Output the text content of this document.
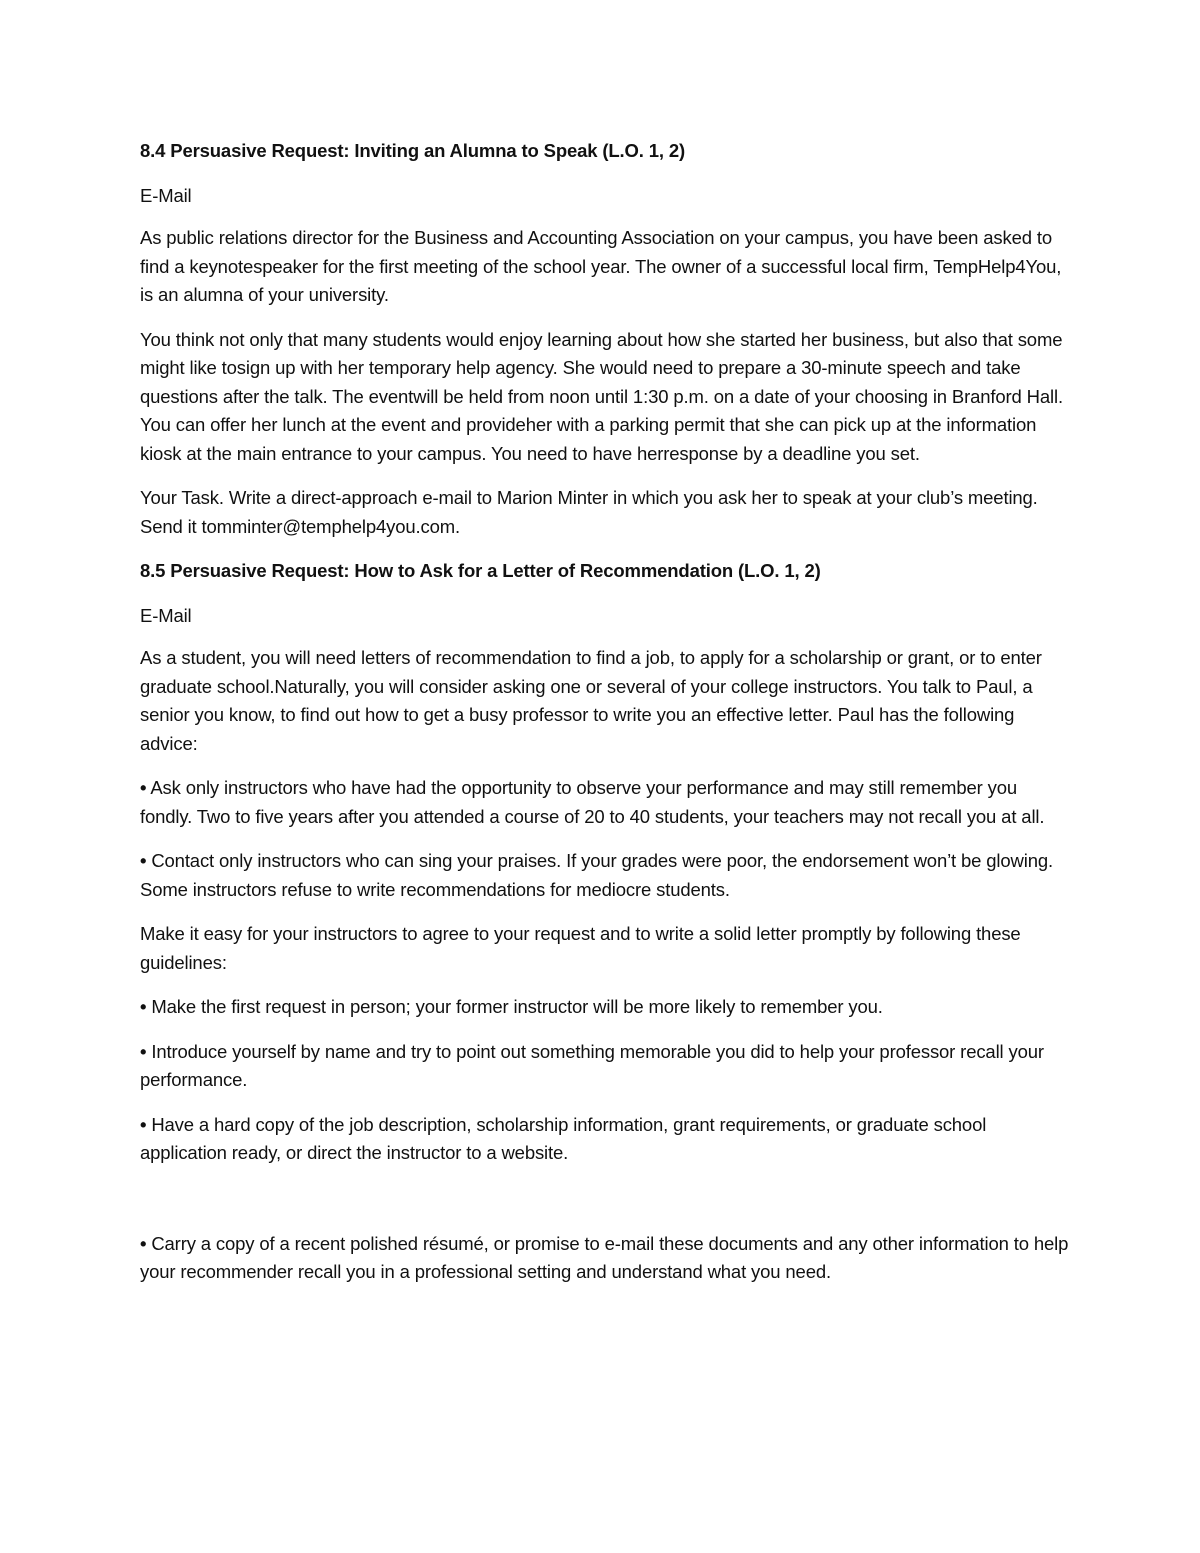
8.4 Persuasive Request: Inviting an Alumna to Speak (L.O. 1, 2)

E-Mail

As public relations director for the Business and Accounting Association on your campus, you have been asked to find a keynotespeaker for the first meeting of the school year. The owner of a successful local firm, TempHelp4You, is an alumna of your university.

You think not only that many students would enjoy learning about how she started her business, but also that some might like tosign up with her temporary help agency. She would need to prepare a 30-minute speech and take questions after the talk. The eventwill be held from noon until 1:30 p.m. on a date of your choosing in Branford Hall. You can offer her lunch at the event and provideher with a parking permit that she can pick up at the information kiosk at the main entrance to your campus. You need to have herresponse by a deadline you set.

Your Task. Write a direct-approach e-mail to Marion Minter in which you ask her to speak at your club’s meeting. Send it tomminter@temphelp4you.com.

8.5 Persuasive Request: How to Ask for a Letter of Recommendation (L.O. 1, 2)

E-Mail

As a student, you will need letters of recommendation to find a job, to apply for a scholarship or grant, or to enter graduate school.Naturally, you will consider asking one or several of your college instructors. You talk to Paul, a senior you know, to find out how to get a busy professor to write you an effective letter. Paul has the following advice:

• Ask only instructors who have had the opportunity to observe your performance and may still remember you fondly. Two to five years after you attended a course of 20 to 40 students, your teachers may not recall you at all.

• Contact only instructors who can sing your praises. If your grades were poor, the endorsement won’t be glowing. Some instructors refuse to write recommendations for mediocre students.

Make it easy for your instructors to agree to your request and to write a solid letter promptly by following these guidelines:

• Make the first request in person; your former instructor will be more likely to remember you.

• Introduce yourself by name and try to point out something memorable you did to help your professor recall your performance.

• Have a hard copy of the job description, scholarship information, grant requirements, or graduate school application ready, or direct the instructor to a website.

• Carry a copy of a recent polished résumé, or promise to e-mail these documents and any other information to help your recommender recall you in a professional setting and understand what you need.
